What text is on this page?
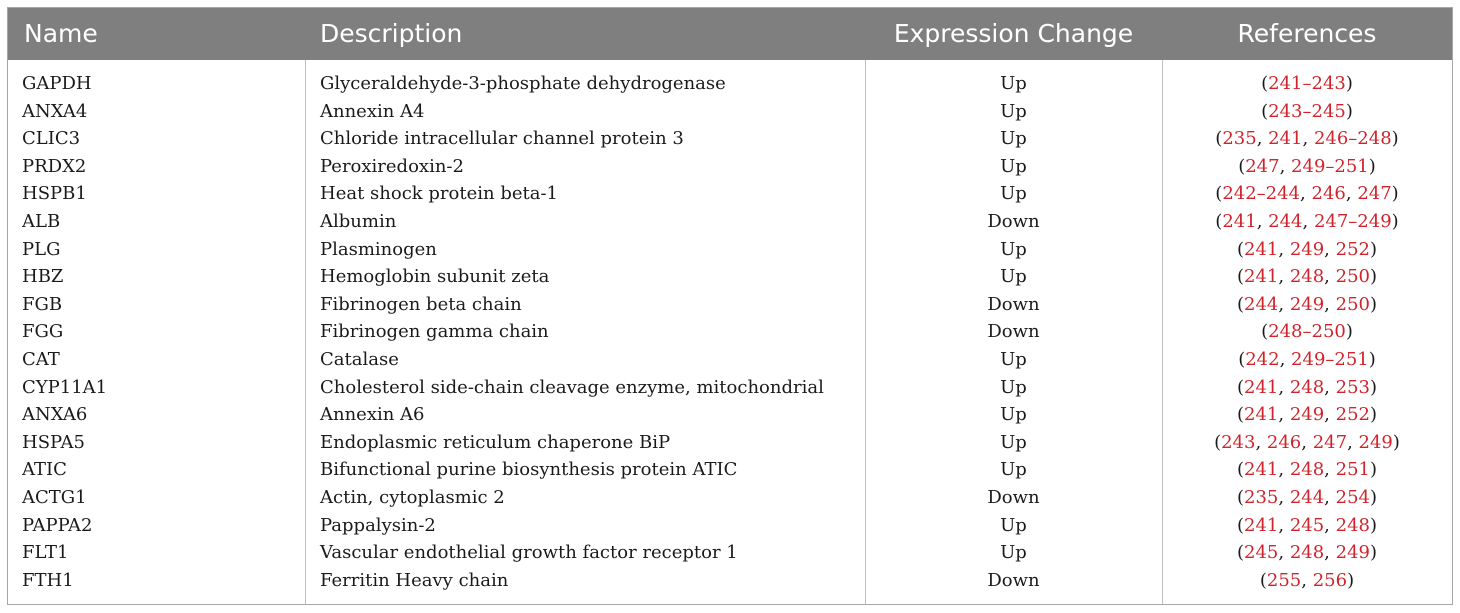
Name	Description	Expression Change	References
GAPDH	Glyceraldehyde-3-phosphate dehydrogenase	Up	(241–243)
ANXA4	Annexin A4	Up	(243–245)
CLIC3	Chloride intracellular channel protein 3	Up	(235, 241, 246–248)
PRDX2	Peroxiredoxin-2	Up	(247, 249–251)
HSPB1	Heat shock protein beta-1	Up	(242–244, 246, 247)
ALB	Albumin	Down	(241, 244, 247–249)
PLG	Plasminogen	Up	(241, 249, 252)
HBZ	Hemoglobin subunit zeta	Up	(241, 248, 250)
FGB	Fibrinogen beta chain	Down	(244, 249, 250)
FGG	Fibrinogen gamma chain	Down	(248–250)
CAT	Catalase	Up	(242, 249–251)
CYP11A1	Cholesterol side-chain cleavage enzyme, mitochondrial	Up	(241, 248, 253)
ANXA6	Annexin A6	Up	(241, 249, 252)
HSPA5	Endoplasmic reticulum chaperone BiP	Up	(243, 246, 247, 249)
ATIC	Bifunctional purine biosynthesis protein ATIC	Up	(241, 248, 251)
ACTG1	Actin, cytoplasmic 2	Down	(235, 244, 254)
PAPPA2	Pappalysin-2	Up	(241, 245, 248)
FLT1	Vascular endothelial growth factor receptor 1	Up	(245, 248, 249)
FTH1	Ferritin Heavy chain	Down	(255, 256)
